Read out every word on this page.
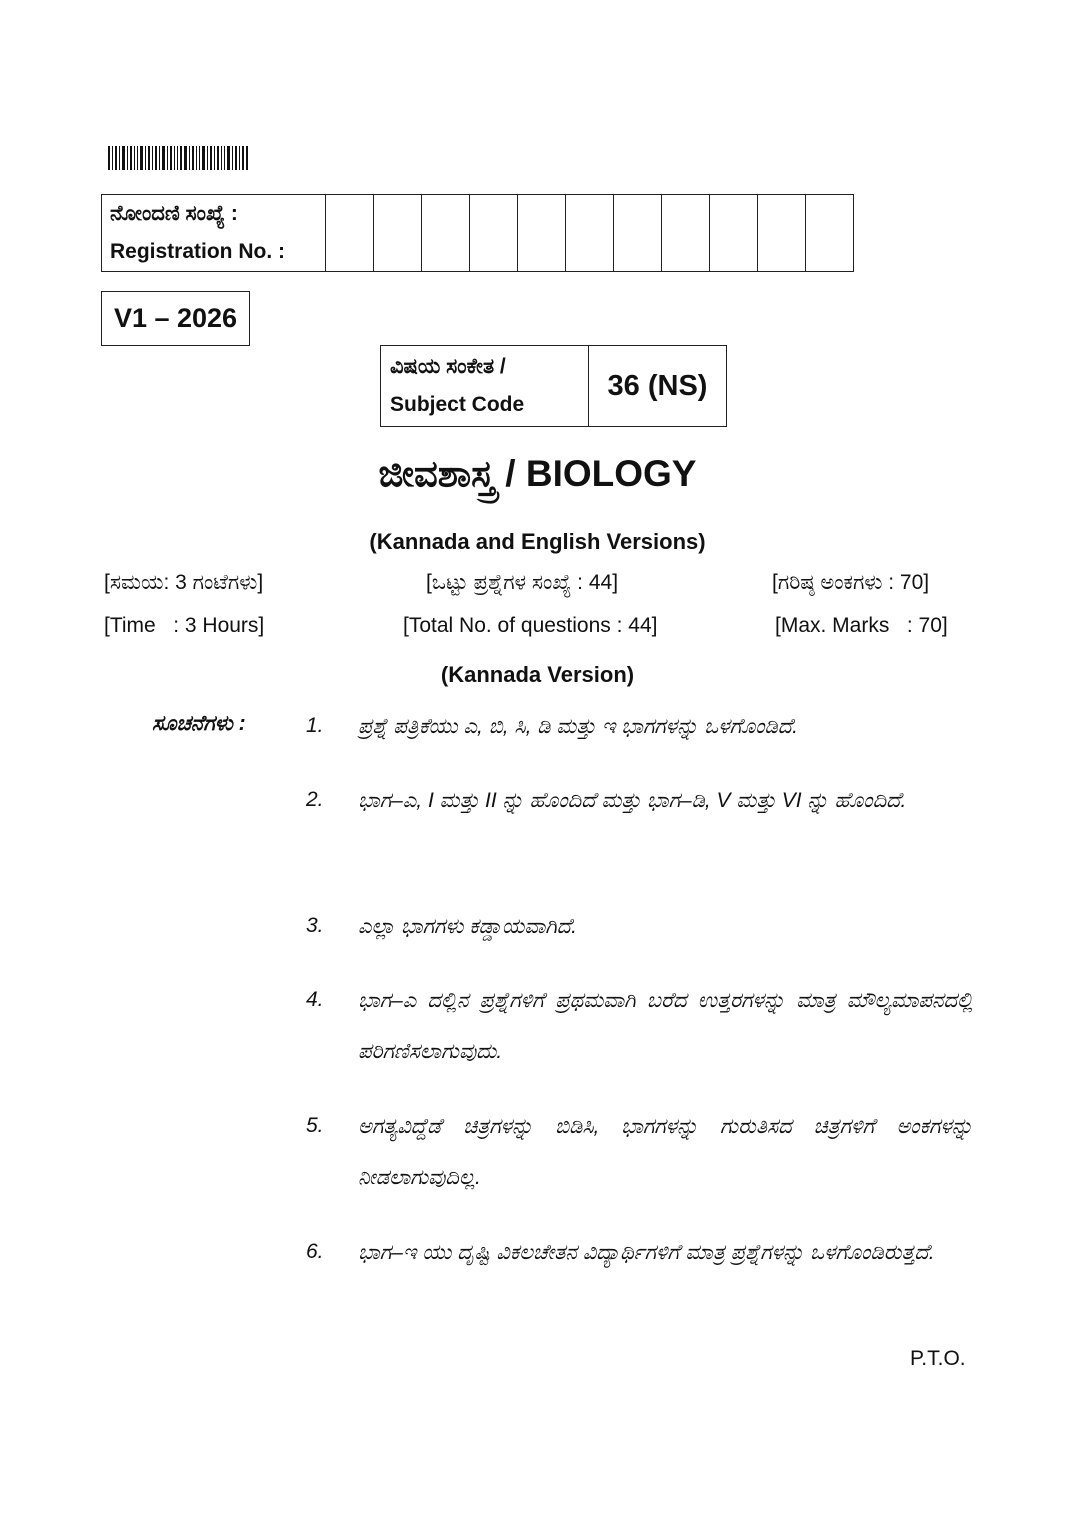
ನೋಂದಣಿ ಸಂಖ್ಯೆ :
Registration No. :

V1 – 2026
ವಿಷಯ ಸಂಕೇತ /
Subject Code
	36 (NS)
ಜೀವಶಾಸ್ತ್ರ / BIOLOGY
(Kannada and English Versions)
[ಸಮಯ: 3 ಗಂಟೆಗಳು]	[ಒಟ್ಟು ಪ್ರಶ್ನೆಗಳ ಸಂಖ್ಯೆ : 44]	[ಗರಿಷ್ಠ ಅಂಕಗಳು : 70]
[Time   : 3 Hours]	[Total No. of questions : 44]	[Max. Marks   : 70]
(Kannada Version)
ಸೂಚನೆಗಳು :	1. ಪ್ರಶ್ನೆ ಪತ್ರಿಕೆಯು ಎ, ಬಿ, ಸಿ, ಡಿ ಮತ್ತು ಇ ಭಾಗಗಳನ್ನು ಒಳಗೊಂಡಿದೆ.
2. ಭಾಗ–ಎ, I ಮತ್ತು II ನ್ನು ಹೊಂದಿದೆ ಮತ್ತು ಭಾಗ–ಡಿ, V ಮತ್ತು VI ನ್ನು ಹೊಂದಿದೆ.
3. ಎಲ್ಲಾ ಭಾಗಗಳು ಕಡ್ಡಾಯವಾಗಿದೆ.
4. ಭಾಗ–ಎ ದಲ್ಲಿನ ಪ್ರಶ್ನೆಗಳಿಗೆ ಪ್ರಥಮವಾಗಿ ಬರೆದ ಉತ್ತರಗಳನ್ನು ಮಾತ್ರ ಮೌಲ್ಯಮಾಪನದಲ್ಲಿ ಪರಿಗಣಿಸಲಾಗುವುದು.
5. ಅಗತ್ಯವಿದ್ದೆಡೆ ಚಿತ್ರಗಳನ್ನು ಬಿಡಿಸಿ, ಭಾಗಗಳನ್ನು ಗುರುತಿಸದ ಚಿತ್ರಗಳಿಗೆ ಅಂಕಗಳನ್ನು ನೀಡಲಾಗುವುದಿಲ್ಲ.
6. ಭಾಗ–ಇ ಯು ದೃಷ್ಟಿ ವಿಕಲಚೇತನ ವಿದ್ಯಾರ್ಥಿಗಳಿಗೆ ಮಾತ್ರ ಪ್ರಶ್ನೆಗಳನ್ನು ಒಳಗೊಂಡಿರುತ್ತದೆ.
P.T.O.
